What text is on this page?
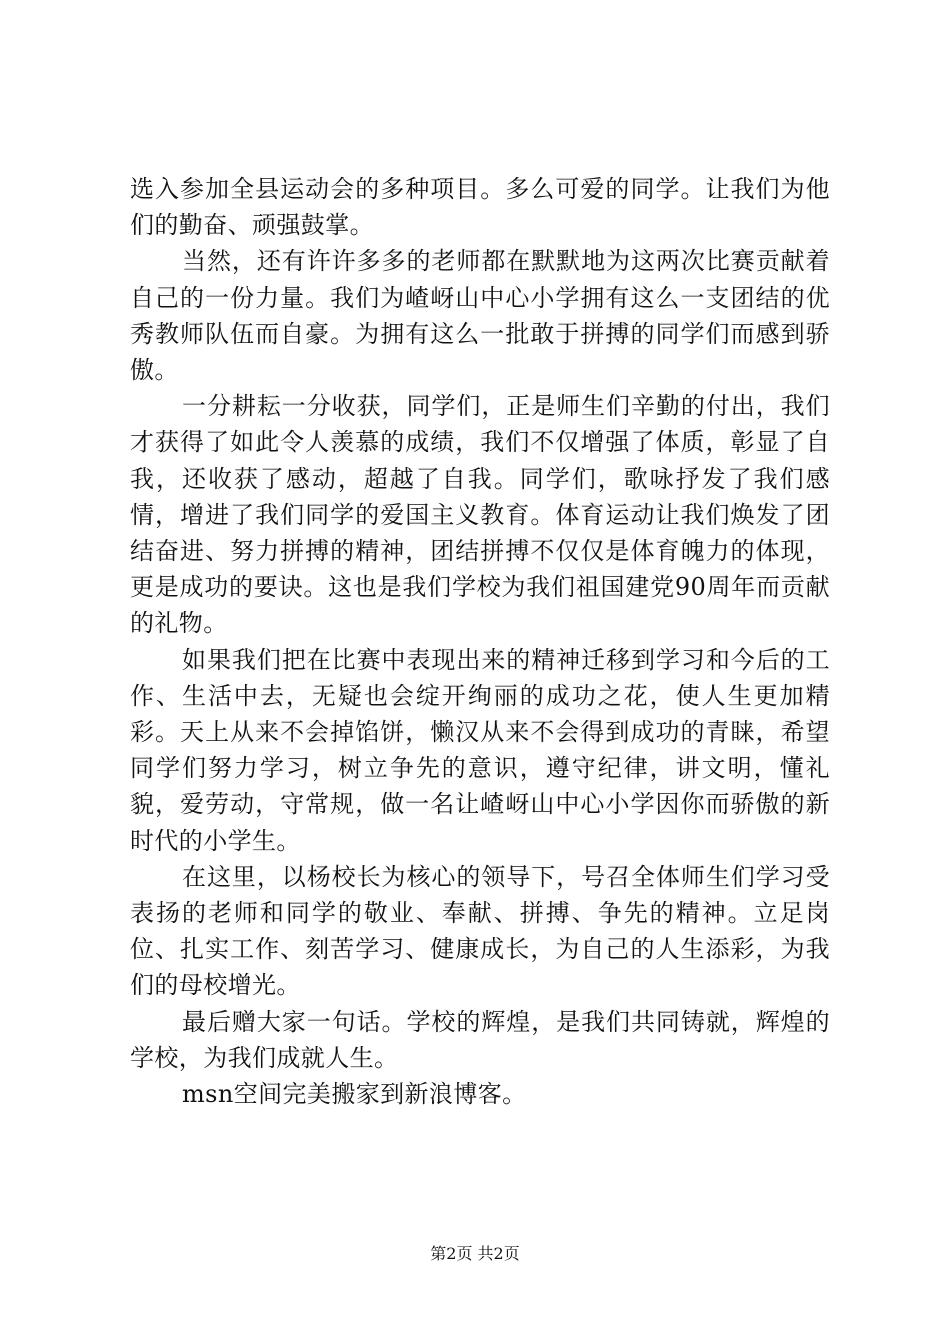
选入参加全县运动会的多种项目。多么可爱的同学。让我们为他们的勤奋、顽强鼓掌。

当然，还有许许多多的老师都在默默地为这两次比赛贡献着自己的一份力量。我们为嵖岈山中心小学拥有这么一支团结的优秀教师队伍而自豪。为拥有这么一批敢于拼搏的同学们而感到骄傲。

一分耕耘一分收获，同学们，正是师生们辛勤的付出，我们才获得了如此令人羡慕的成绩，我们不仅增强了体质，彰显了自我，还收获了感动，超越了自我。同学们，歌咏抒发了我们感情，增进了我们同学的爱国主义教育。体育运动让我们焕发了团结奋进、努力拼搏的精神，团结拼搏不仅仅是体育魄力的体现，更是成功的要诀。这也是我们学校为我们祖国建党90周年而贡献的礼物。

如果我们把在比赛中表现出来的精神迁移到学习和今后的工作、生活中去，无疑也会绽开绚丽的成功之花，使人生更加精彩。天上从来不会掉馅饼，懒汉从来不会得到成功的青睐，希望同学们努力学习，树立争先的意识，遵守纪律，讲文明，懂礼貌，爱劳动，守常规，做一名让嵖岈山中心小学因你而骄傲的新时代的小学生。

在这里，以杨校长为核心的领导下，号召全体师生们学习受表扬的老师和同学的敬业、奉献、拼搏、争先的精神。立足岗位、扎实工作、刻苦学习、健康成长，为自己的人生添彩，为我们的母校增光。

最后赠大家一句话。学校的辉煌，是我们共同铸就，辉煌的学校，为我们成就人生。

msn空间完美搬家到新浪博客。

第2页 共2页
